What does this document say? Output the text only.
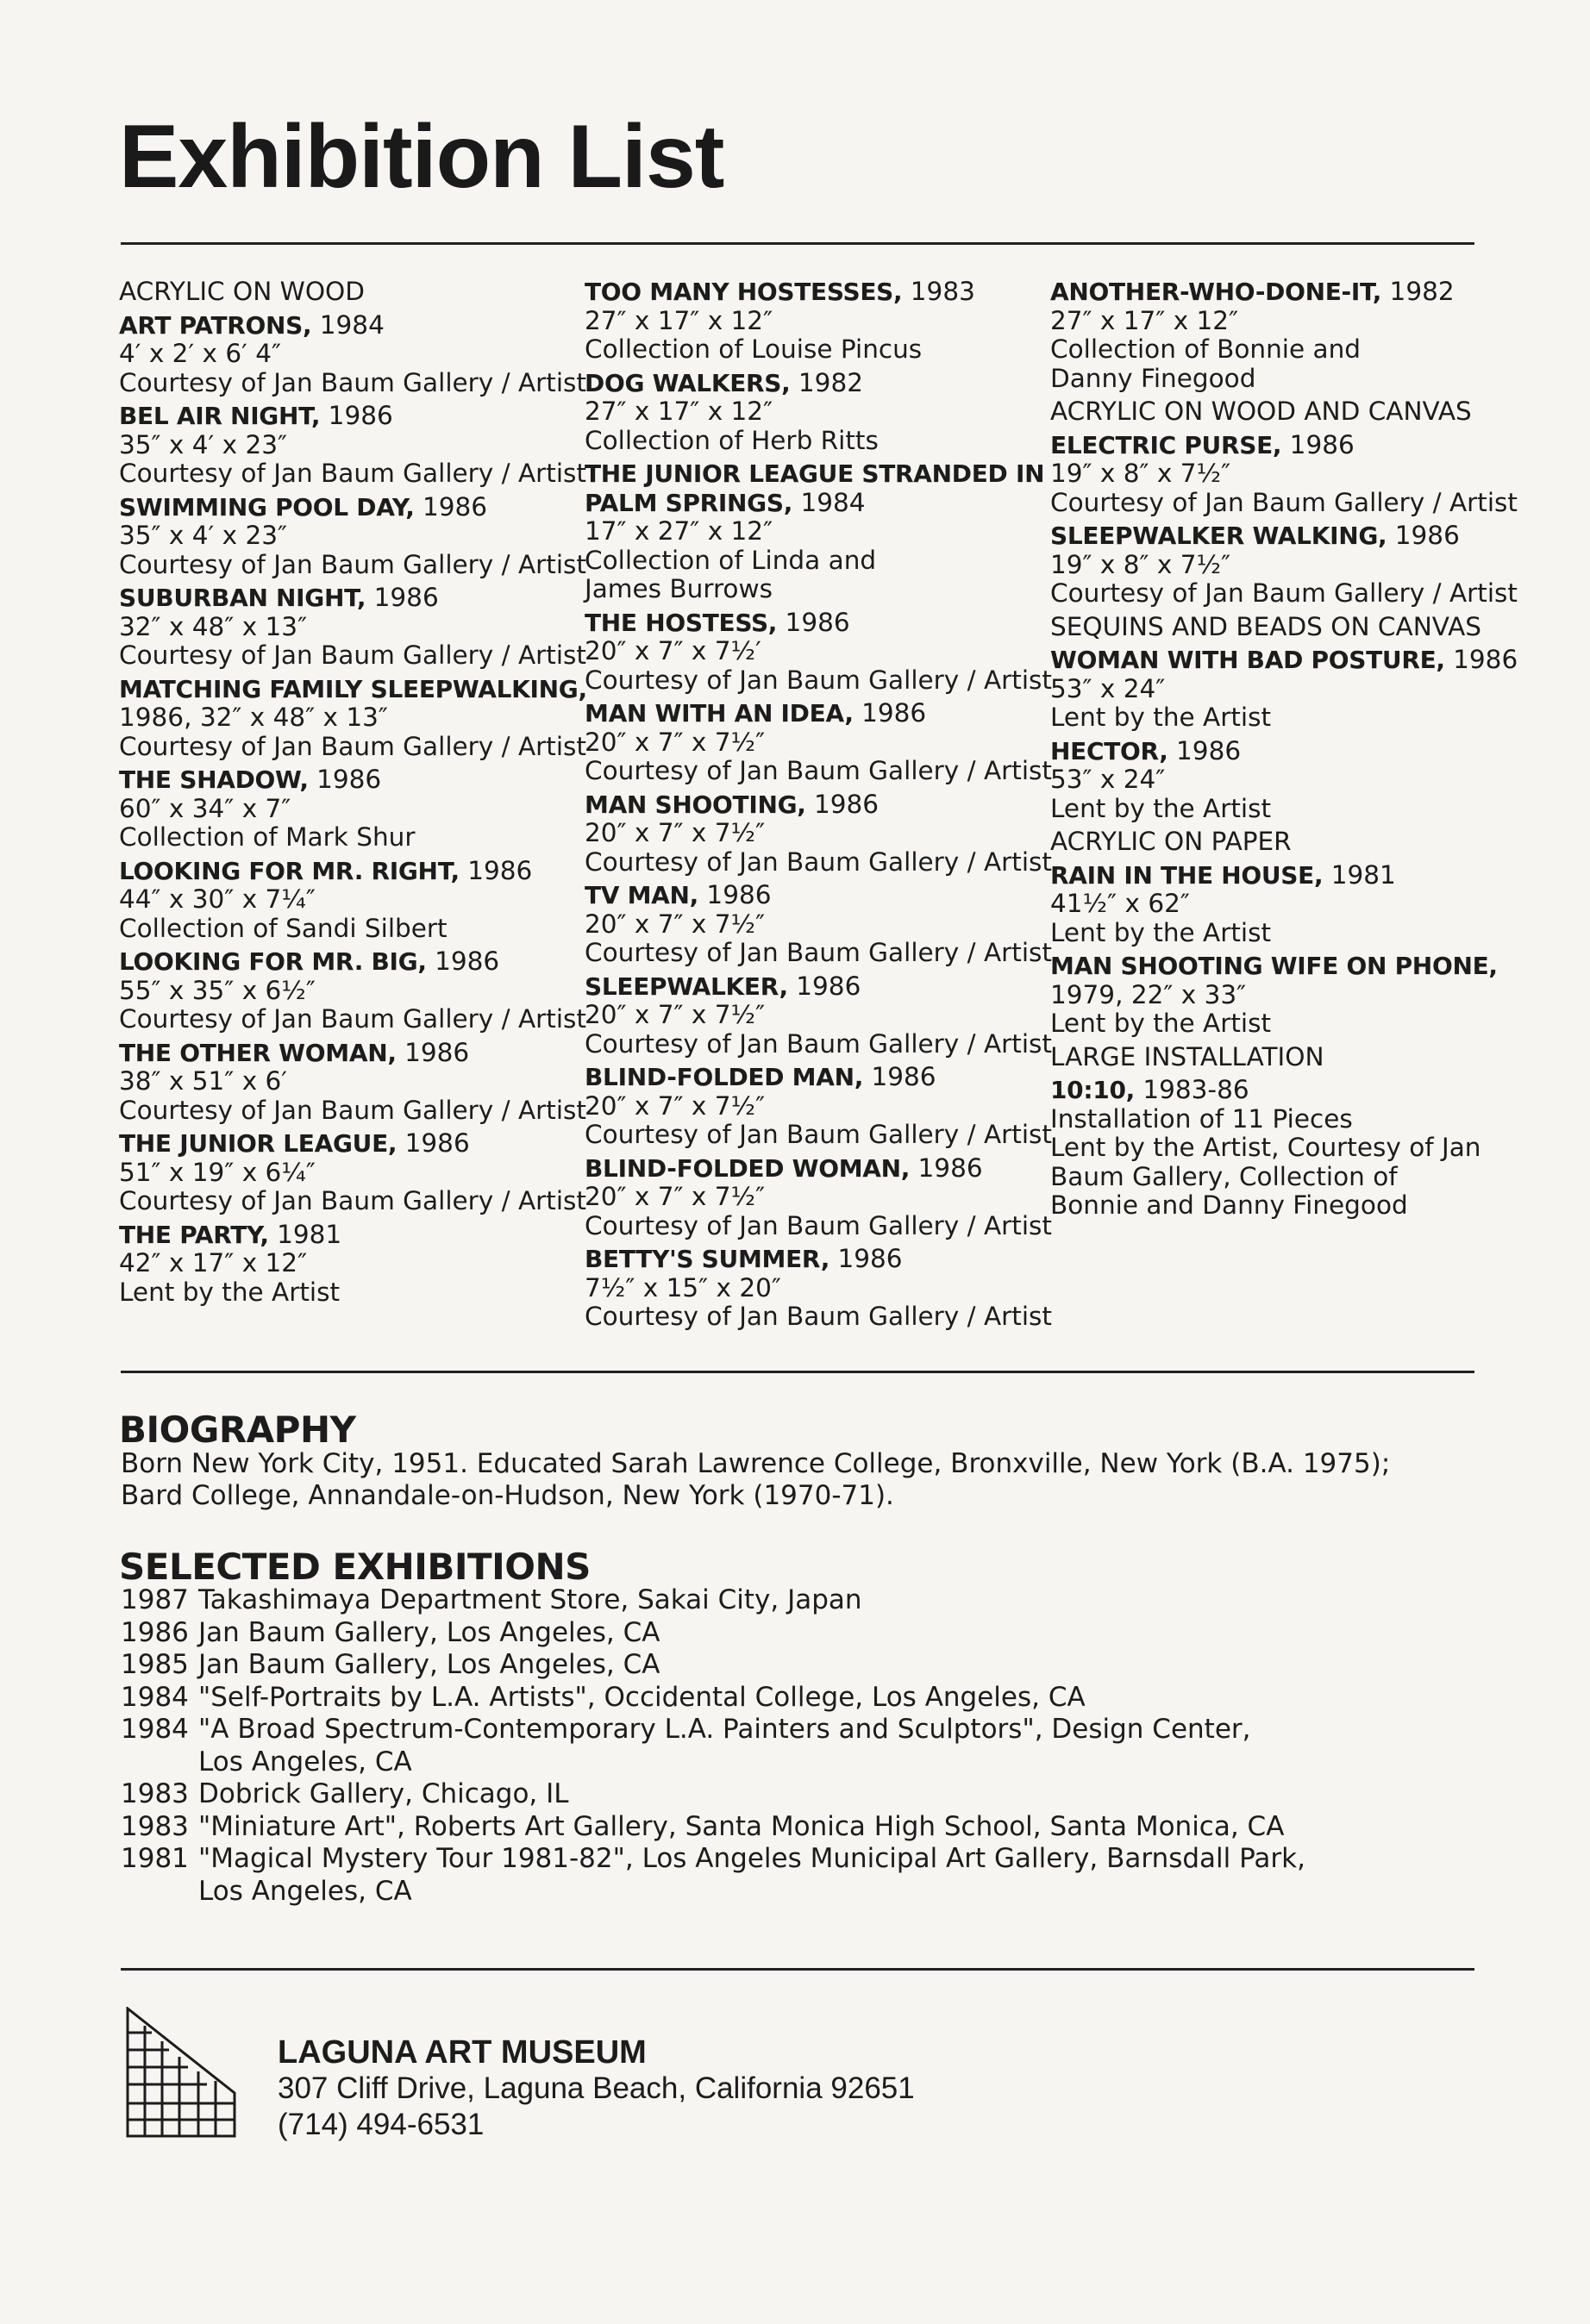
Exhibition List
ACRYLIC ON WOOD
ART PATRONS, 1984
4′ x 2′ x 6′ 4″
Courtesy of Jan Baum Gallery / Artist
BEL AIR NIGHT, 1986
35″ x 4′ x 23″
Courtesy of Jan Baum Gallery / Artist
SWIMMING POOL DAY, 1986
35″ x 4′ x 23″
Courtesy of Jan Baum Gallery / Artist
SUBURBAN NIGHT, 1986
32″ x 48″ x 13″
Courtesy of Jan Baum Gallery / Artist
MATCHING FAMILY SLEEPWALKING,
1986, 32″ x 48″ x 13″
Courtesy of Jan Baum Gallery / Artist
THE SHADOW, 1986
60″ x 34″ x 7″
Collection of Mark Shur
LOOKING FOR MR. RIGHT, 1986
44″ x 30″ x 7¼″
Collection of Sandi Silbert
LOOKING FOR MR. BIG, 1986
55″ x 35″ x 6½″
Courtesy of Jan Baum Gallery / Artist
THE OTHER WOMAN, 1986
38″ x 51″ x 6′
Courtesy of Jan Baum Gallery / Artist
THE JUNIOR LEAGUE, 1986
51″ x 19″ x 6¼″
Courtesy of Jan Baum Gallery / Artist
THE PARTY, 1981
42″ x 17″ x 12″
Lent by the Artist
TOO MANY HOSTESSES, 1983
27″ x 17″ x 12″
Collection of Louise Pincus
DOG WALKERS, 1982
27″ x 17″ x 12″
Collection of Herb Ritts
THE JUNIOR LEAGUE STRANDED IN
PALM SPRINGS, 1984
17″ x 27″ x 12″
Collection of Linda and
James Burrows
THE HOSTESS, 1986
20″ x 7″ x 7½′
Courtesy of Jan Baum Gallery / Artist
MAN WITH AN IDEA, 1986
20″ x 7″ x 7½″
Courtesy of Jan Baum Gallery / Artist
MAN SHOOTING, 1986
20″ x 7″ x 7½″
Courtesy of Jan Baum Gallery / Artist
TV MAN, 1986
20″ x 7″ x 7½″
Courtesy of Jan Baum Gallery / Artist
SLEEPWALKER, 1986
20″ x 7″ x 7½″
Courtesy of Jan Baum Gallery / Artist
BLIND-FOLDED MAN, 1986
20″ x 7″ x 7½″
Courtesy of Jan Baum Gallery / Artist
BLIND-FOLDED WOMAN, 1986
20″ x 7″ x 7½″
Courtesy of Jan Baum Gallery / Artist
BETTY'S SUMMER, 1986
7½″ x 15″ x 20″
Courtesy of Jan Baum Gallery / Artist
ANOTHER-WHO-DONE-IT, 1982
27″ x 17″ x 12″
Collection of Bonnie and
Danny Finegood
ACRYLIC ON WOOD AND CANVAS
ELECTRIC PURSE, 1986
19″ x 8″ x 7½″
Courtesy of Jan Baum Gallery / Artist
SLEEPWALKER WALKING, 1986
19″ x 8″ x 7½″
Courtesy of Jan Baum Gallery / Artist
SEQUINS AND BEADS ON CANVAS
WOMAN WITH BAD POSTURE, 1986
53″ x 24″
Lent by the Artist
HECTOR, 1986
53″ x 24″
Lent by the Artist
ACRYLIC ON PAPER
RAIN IN THE HOUSE, 1981
41½″ x 62″
Lent by the Artist
MAN SHOOTING WIFE ON PHONE,
1979, 22″ x 33″
Lent by the Artist
LARGE INSTALLATION
10:10, 1983-86
Installation of 11 Pieces
Lent by the Artist, Courtesy of Jan
Baum Gallery, Collection of
Bonnie and Danny Finegood
BIOGRAPHY
Born New York City, 1951. Educated Sarah Lawrence College, Bronxville, New York (B.A. 1975);
Bard College, Annandale-on-Hudson, New York (1970-71).
SELECTED EXHIBITIONS
1987 Takashimaya Department Store, Sakai City, Japan
1986 Jan Baum Gallery, Los Angeles, CA
1985 Jan Baum Gallery, Los Angeles, CA
1984 "Self-Portraits by L.A. Artists", Occidental College, Los Angeles, CA
1984 "A Broad Spectrum-Contemporary L.A. Painters and Sculptors", Design Center,
Los Angeles, CA
1983 Dobrick Gallery, Chicago, IL
1983 "Miniature Art", Roberts Art Gallery, Santa Monica High School, Santa Monica, CA
1981 "Magical Mystery Tour 1981-82", Los Angeles Municipal Art Gallery, Barnsdall Park,
Los Angeles, CA
LAGUNA ART MUSEUM
307 Cliff Drive, Laguna Beach, California 92651
(714) 494-6531
